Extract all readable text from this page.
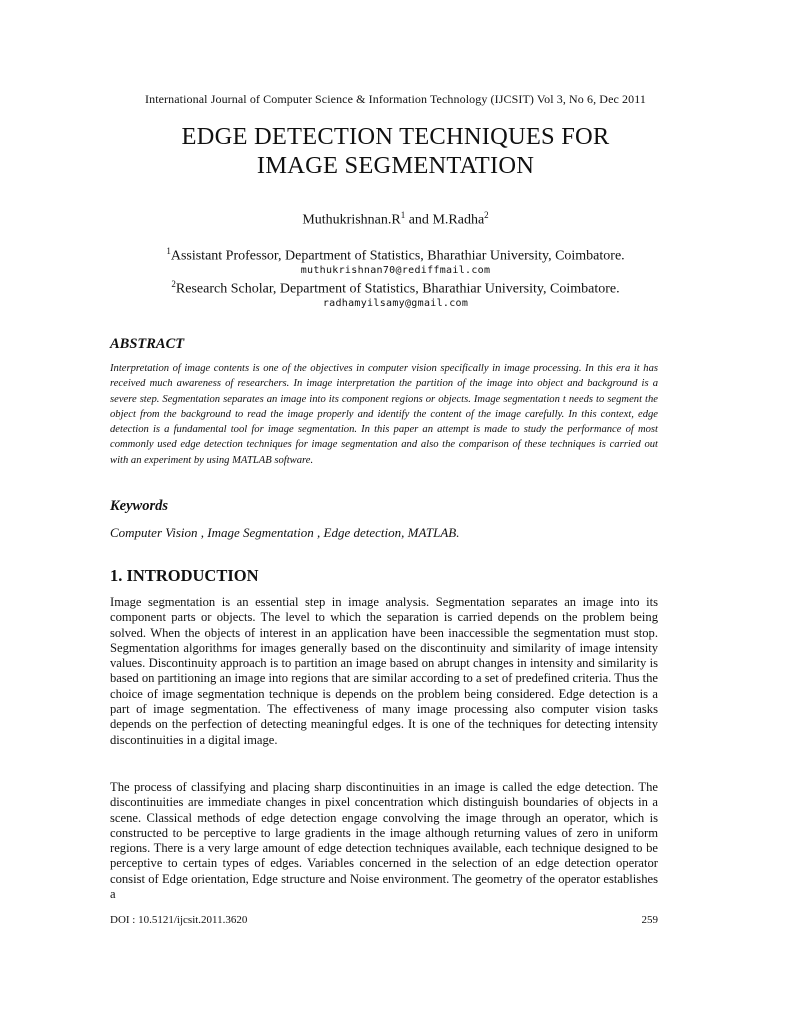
International Journal of Computer Science & Information Technology (IJCSIT) Vol 3, No 6, Dec 2011
EDGE DETECTION TECHNIQUES FOR
IMAGE SEGMENTATION
$Muthukrishnan.R^1$ and M.Radha$^2$
$^1$Assistant Professor, Department of Statistics, Bharathiar University, Coimbatore.
muthukrishnan70@rediffmail.com
$^2$Research Scholar, Department of Statistics, Bharathiar University, Coimbatore.
radhamyilsamy@gmail.com
ABSTRACT
Interpretation of image contents is one of the objectives in computer vision specifically in image processing. In this era it has received much awareness of researchers. In image interpretation the partition of the image into object and background is a severe step. Segmentation separates an image into its component regions or objects. Image segmentation t needs to segment the object from the background to read the image properly and identify the content of the image carefully. In this context, edge detection is a fundamental tool for image segmentation. In this paper an attempt is made to study the performance of most commonly used edge detection techniques for image segmentation and also the comparison of these techniques is carried out with an experiment by using MATLAB software.
Keywords
Computer Vision , Image Segmentation , Edge detection, MATLAB.
1. INTRODUCTION
Image segmentation is an essential step in image analysis. Segmentation separates an image into its component parts or objects. The level to which the separation is carried depends on the problem being solved. When the objects of interest in an application have been inaccessible the segmentation must stop. Segmentation algorithms for images generally based on the discontinuity and similarity of image intensity values. Discontinuity approach is to partition an image based on abrupt changes in intensity and similarity is based on partitioning an image into regions that are similar according to a set of predefined criteria. Thus the choice of image segmentation technique is depends on the problem being considered. Edge detection is a part of image segmentation. The effectiveness of many image processing also computer vision tasks depends on the perfection of detecting meaningful edges. It is one of the techniques for detecting intensity discontinuities in a digital image.
The process of classifying and placing sharp discontinuities in an image is called the edge detection. The discontinuities are immediate changes in pixel concentration which distinguish boundaries of objects in a scene. Classical methods of edge detection engage convolving the image through an operator, which is constructed to be perceptive to large gradients in the image although returning values of zero in uniform regions. There is a very large amount of edge detection techniques available, each technique designed to be perceptive to certain types of edges. Variables concerned in the selection of an edge detection operator consist of Edge orientation, Edge structure and Noise environment. The geometry of the operator establishes a
DOI : 10.5121/ijcsit.2011.3620	259
